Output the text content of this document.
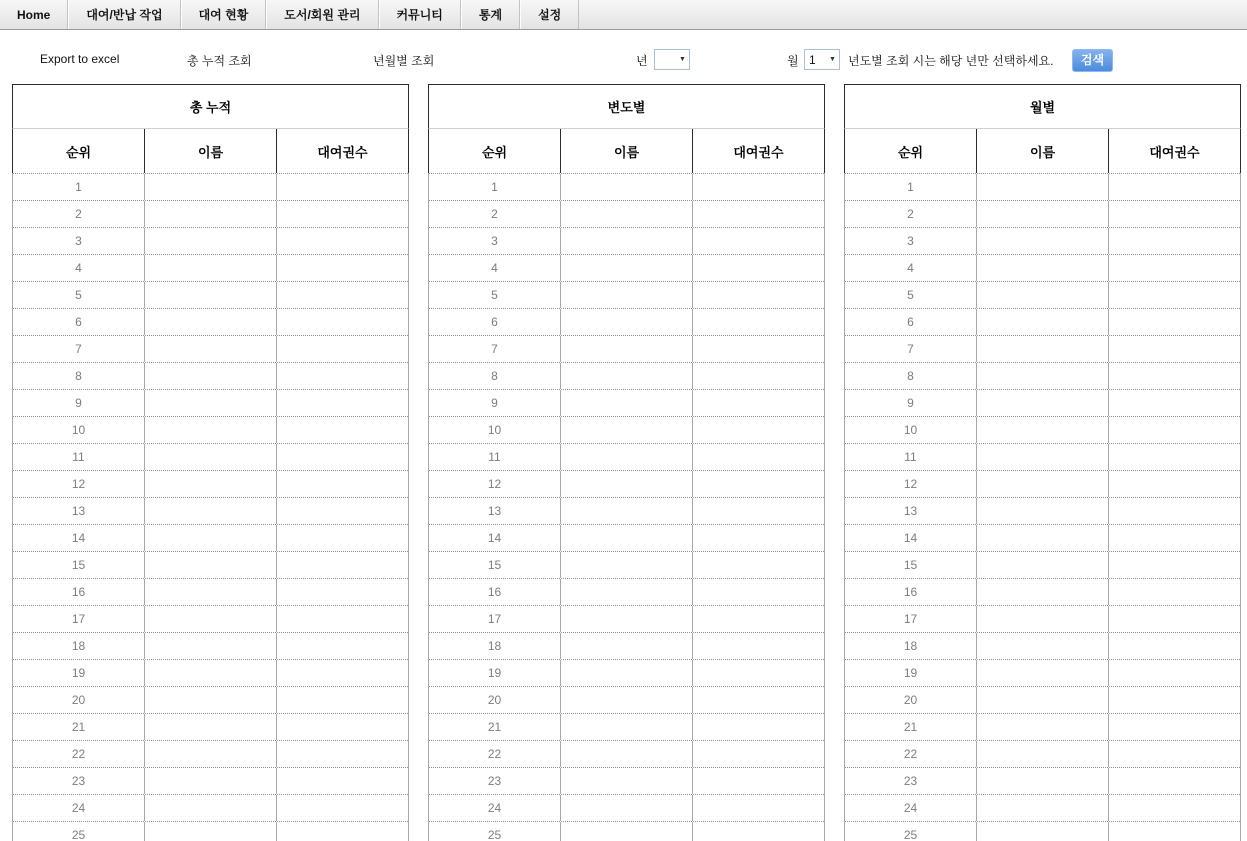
Home	대여/반납 작업	대여 현황	도서/회원 관리	커뮤니티	통계	설정
Export to excel	총 누적 조회	년월별 조회	년	▼	월 1	▼ 년도별 조회 시는 해당 년만 선택하세요.	검색
총 누적
순위	이름	대여권수
1
2
3
4
5
6
7
8
9
10
11
12
13
14
15
16
17
18
19
20
21
22
23
24
25
변도별
순위	이름	대여권수
1
2
3
4
5
6
7
8
9
10
11
12
13
14
15
16
17
18
19
20
21
22
23
24
25
월별
순위	이름	대여권수
1
2
3
4
5
6
7
8
9
10
11
12
13
14
15
16
17
18
19
20
21
22
23
24
25
